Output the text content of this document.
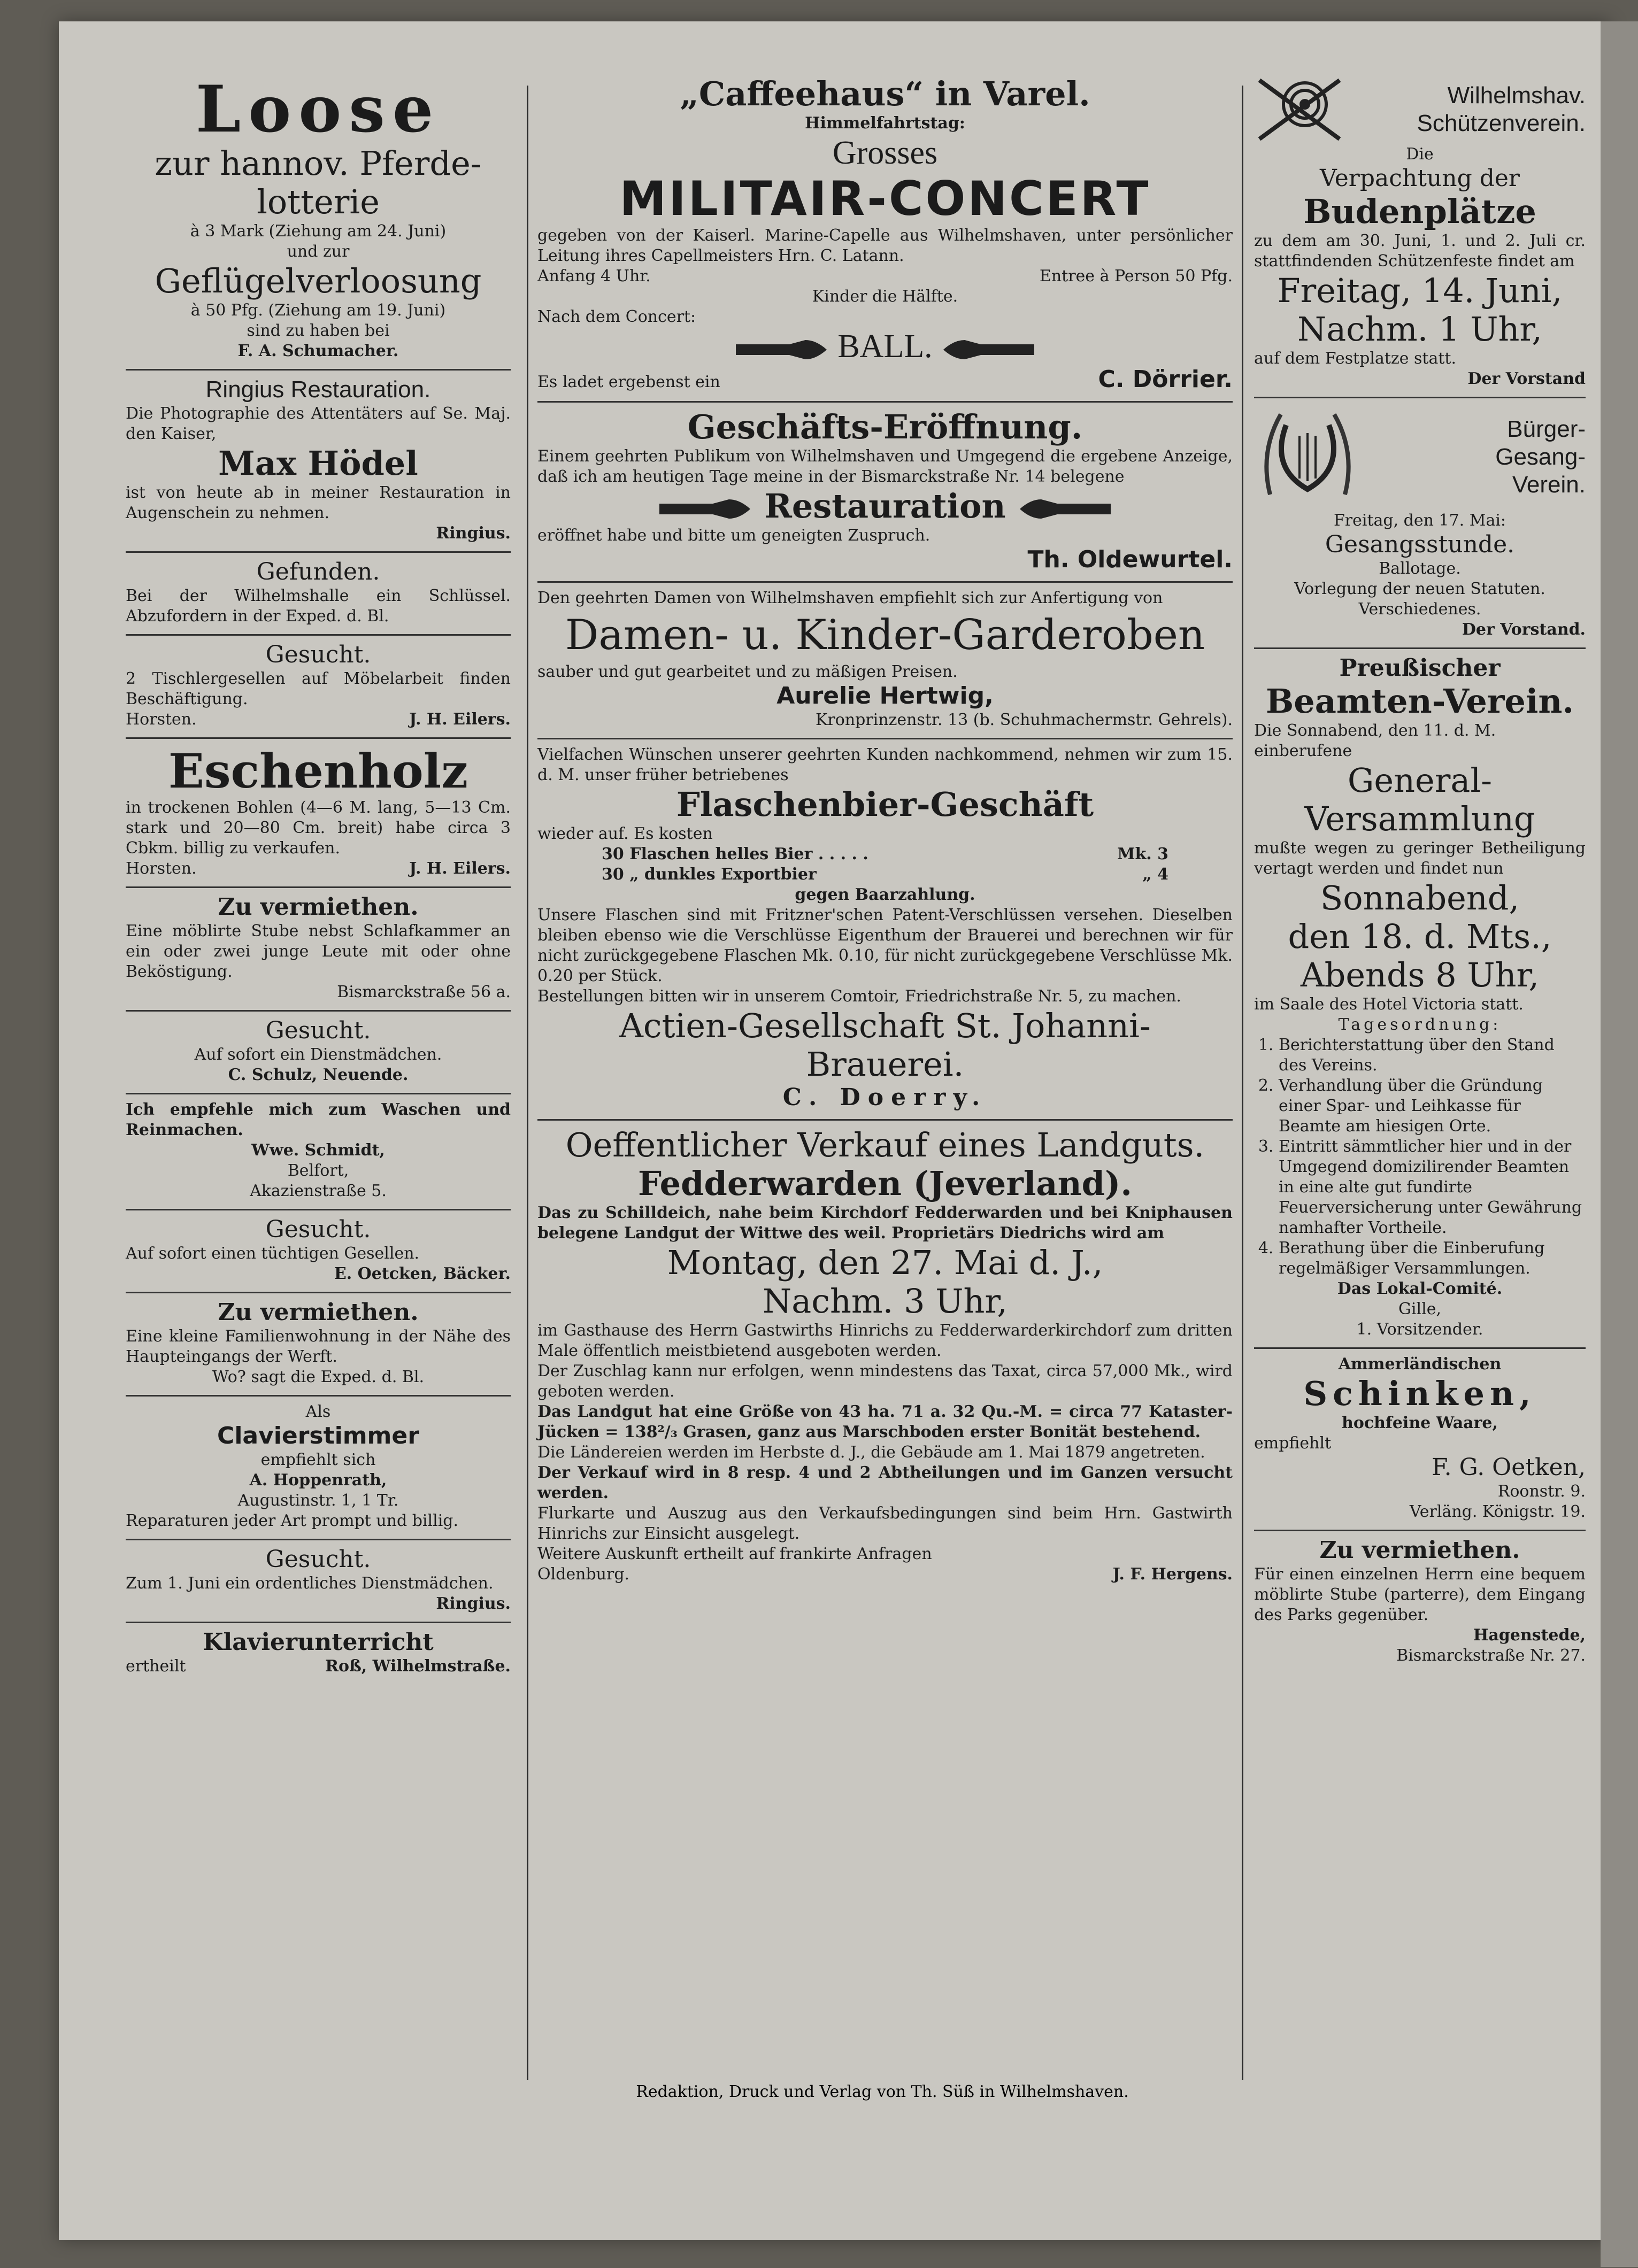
Loose

zur hannov. Pferde-

lotterie

à 3 Mark (Ziehung am 24. Juni)

und zur

Geflügelverloosung

à 50 Pfg. (Ziehung am 19. Juni)

sind zu haben bei

F. A. Schumacher.

Ringius Restauration.

Die Photographie des Attentäters auf Se. Maj. den Kaiser,

Max Hödel

ist von heute ab in meiner Restauration in Augenschein zu nehmen.

Ringius.

Gefunden.

Bei der Wilhelmshalle ein Schlüssel. Abzufordern in der Exped. d. Bl.

Gesucht.

2 Tischlergesellen auf Möbelarbeit finden Beschäftigung.

Horsten.	J. H. Eilers.

Eschenholz

in trockenen Bohlen (4—6 M. lang, 5—13 Cm. stark und 20—80 Cm. breit) habe circa 3 Cbkm. billig zu verkaufen.

Horsten.	J. H. Eilers.

Zu vermiethen.

Eine möblirte Stube nebst Schlafkammer an ein oder zwei junge Leute mit oder ohne Beköstigung.

Bismarckstraße 56 a.

Gesucht.

Auf sofort ein Dienstmädchen.

C. Schulz, Neuende.

Ich empfehle mich zum Waschen und Reinmachen.

Wwe. Schmidt,

Belfort,

Akazienstraße 5.

Gesucht.

Auf sofort einen tüchtigen Gesellen.

E. Oetcken, Bäcker.

Zu vermiethen.

Eine kleine Familienwohnung in der Nähe des Haupteingangs der Werft.

Wo? sagt die Exped. d. Bl.

Als

Clavierstimmer

empfiehlt sich

A. Hoppenrath,

Augustinstr. 1, 1 Tr.

Reparaturen jeder Art prompt und billig.

Gesucht.

Zum 1. Juni ein ordentliches Dienstmädchen.

Ringius.

Klavierunterricht

ertheilt	Roß, Wilhelmstraße.

„Caffeehaus“ in Varel.

Himmelfahrtstag:

Grosses

MILITAIR-CONCERT

gegeben von der Kaiserl. Marine-Capelle aus Wilhelmshaven, unter persönlicher Leitung ihres Capellmeisters Hrn. C. Latann.

Anfang 4 Uhr.	Entree à Person 50 Pfg.

Kinder die Hälfte.

Nach dem Concert:

BALL.

Es ladet ergebenst ein	C. Dörrier.

Geschäfts-Eröffnung.

Einem geehrten Publikum von Wilhelmshaven und Umgegend die ergebene Anzeige, daß ich am heutigen Tage meine in der Bismarckstraße Nr. 14 belegene

Restauration

eröffnet habe und bitte um geneigten Zuspruch.

Th. Oldewurtel.

Den geehrten Damen von Wilhelmshaven empfiehlt sich zur Anfertigung von

Damen- u. Kinder-Garderoben

sauber und gut gearbeitet und zu mäßigen Preisen.

Aurelie Hertwig,

Kronprinzenstr. 13 (b. Schuhmachermstr. Gehrels).

Vielfachen Wünschen unserer geehrten Kunden nachkommend, nehmen wir zum 15. d. M. unser früher betriebenes

Flaschenbier-Geschäft

wieder auf. Es kosten

30 Flaschen helles Bier . . . . .	Mk. 3
30 „ dunkles Exportbier	„ 4

gegen Baarzahlung.

Unsere Flaschen sind mit Fritzner'schen Patent-Verschlüssen versehen. Dieselben bleiben ebenso wie die Verschlüsse Eigenthum der Brauerei und berechnen wir für nicht zurückgegebene Flaschen Mk. 0.10, für nicht zurückgegebene Verschlüsse Mk. 0.20 per Stück.

Bestellungen bitten wir in unserem Comtoir, Friedrichstraße Nr. 5, zu machen.

Actien-Gesellschaft St. Johanni-

Brauerei.

C. Doerry.

Oeffentlicher Verkauf eines Landguts.

Fedderwarden (Jeverland).

Das zu Schilldeich, nahe beim Kirchdorf Fedderwarden und bei Kniphausen belegene Landgut der Wittwe des weil. Proprietärs Diedrichs wird am

Montag, den 27. Mai d. J.,

Nachm. 3 Uhr,

im Gasthause des Herrn Gastwirths Hinrichs zu Fedderwarderkirchdorf zum dritten Male öffentlich meistbietend ausgeboten werden.

Der Zuschlag kann nur erfolgen, wenn mindestens das Taxat, circa 57,000 Mk., wird geboten werden.

Das Landgut hat eine Größe von 43 ha. 71 a. 32 Qu.-M. = circa 77 Kataster-Jücken = 138²/₃ Grasen, ganz aus Marschboden erster Bonität bestehend.

Die Ländereien werden im Herbste d. J., die Gebäude am 1. Mai 1879 angetreten.

Der Verkauf wird in 8 resp. 4 und 2 Abtheilungen und im Ganzen versucht werden.

Flurkarte und Auszug aus den Verkaufsbedingungen sind beim Hrn. Gastwirth Hinrichs zur Einsicht ausgelegt.

Weitere Auskunft ertheilt auf frankirte Anfragen

Oldenburg.	J. F. Hergens.

Redaktion, Druck und Verlag von Th. Süß in Wilhelmshaven.

Wilhelmshav.

Schützenverein.

Die

Verpachtung der

Budenplätze

zu dem am 30. Juni, 1. und 2. Juli cr. stattfindenden Schützenfeste findet am

Freitag, 14. Juni,

Nachm. 1 Uhr,

auf dem Festplatze statt.

Der Vorstand

Bürger-

Gesang-

Verein.

Freitag, den 17. Mai:

Gesangsstunde.

Ballotage.

Vorlegung der neuen Statuten.

Verschiedenes.

Der Vorstand.

Preußischer

Beamten-Verein.

Die Sonnabend, den 11. d. M. einberufene

General-

Versammlung

mußte wegen zu geringer Betheiligung vertagt werden und findet nun

Sonnabend,

den 18. d. Mts.,

Abends 8 Uhr,

im Saale des Hotel Victoria statt.

Tagesordnung:

1. Berichterstattung über den Stand des Vereins.
2. Verhandlung über die Gründung einer Spar- und Leihkasse für Beamte am hiesigen Orte.
3. Eintritt sämmtlicher hier und in der Umgegend domizilirender Beamten in eine alte gut fundirte Feuerversicherung unter Gewährung namhafter Vortheile.
4. Berathung über die Einberufung regelmäßiger Versammlungen.

Das Lokal-Comité.

Gille,

1. Vorsitzender.

Ammerländischen

Schinken,

hochfeine Waare,

empfiehlt

F. G. Oetken,

Roonstr. 9.

Verläng. Königstr. 19.

Zu vermiethen.

Für einen einzelnen Herrn eine bequem möblirte Stube (parterre), dem Eingang des Parks gegenüber.

Hagenstede,

Bismarckstraße Nr. 27.
